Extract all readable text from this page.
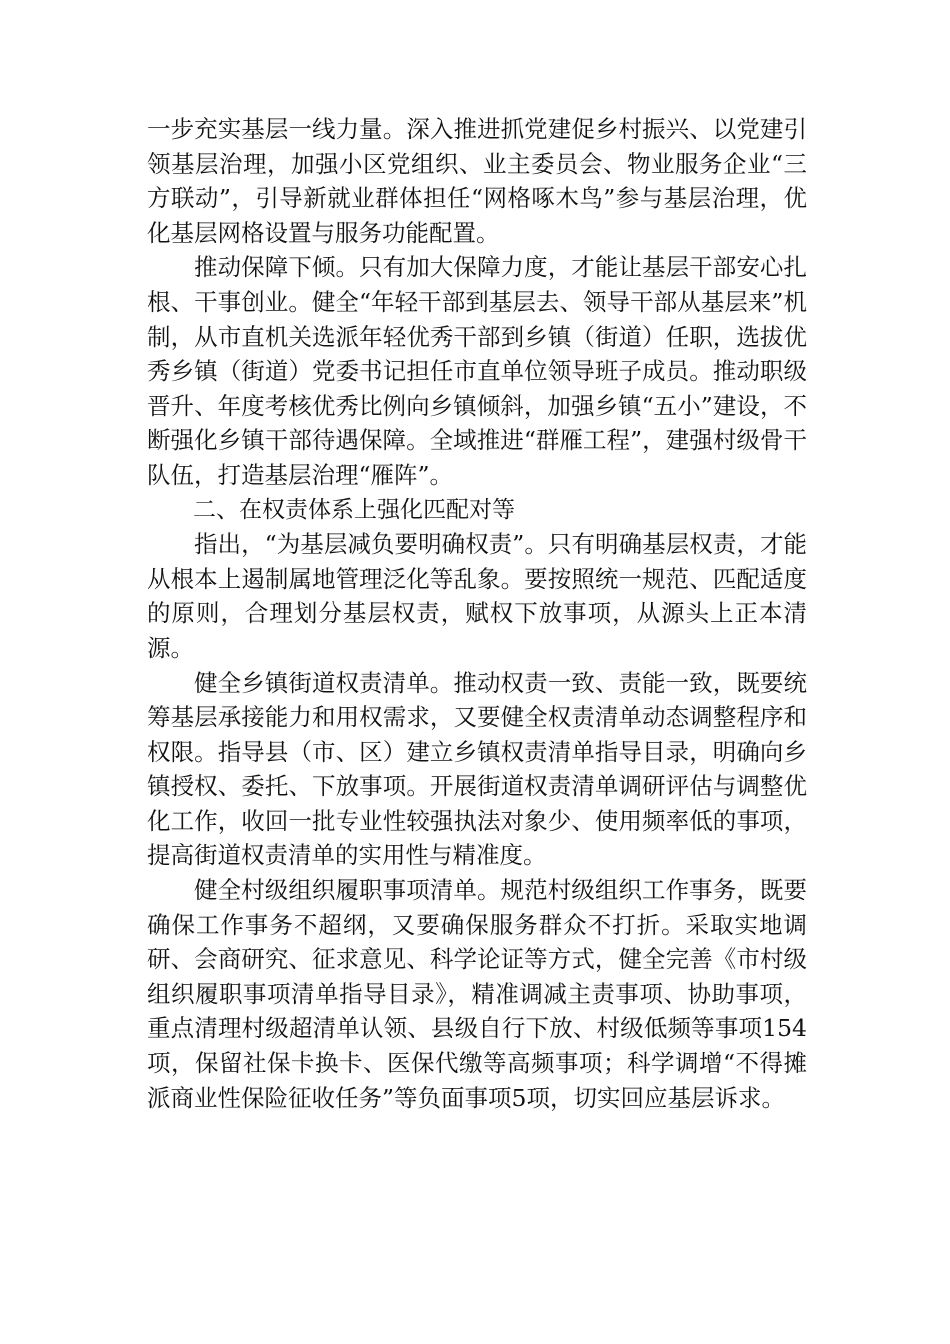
一步充实基层一线力量。深入推进抓党建促乡村振兴、以党建引领基层治理，加强小区党组织、业主委员会、物业服务企业“三方联动”，引导新就业群体担任“网格啄木鸟”参与基层治理，优化基层网格设置与服务功能配置。

推动保障下倾。只有加大保障力度，才能让基层干部安心扎根、干事创业。健全“年轻干部到基层去、领导干部从基层来”机制，从市直机关选派年轻优秀干部到乡镇（街道）任职，选拔优秀乡镇（街道）党委书记担任市直单位领导班子成员。推动职级晋升、年度考核优秀比例向乡镇倾斜，加强乡镇“五小”建设，不断强化乡镇干部待遇保障。全域推进“群雁工程”，建强村级骨干队伍，打造基层治理“雁阵”。

二、在权责体系上强化匹配对等

指出，“为基层减负要明确权责”。只有明确基层权责，才能从根本上遏制属地管理泛化等乱象。要按照统一规范、匹配适度的原则，合理划分基层权责，赋权下放事项，从源头上正本清源。

健全乡镇街道权责清单。推动权责一致、责能一致，既要统筹基层承接能力和用权需求，又要健全权责清单动态调整程序和权限。指导县（市、区）建立乡镇权责清单指导目录，明确向乡镇授权、委托、下放事项。开展街道权责清单调研评估与调整优化工作，收回一批专业性较强执法对象少、使用频率低的事项，提高街道权责清单的实用性与精准度。

健全村级组织履职事项清单。规范村级组织工作事务，既要确保工作事务不超纲，又要确保服务群众不打折。采取实地调研、会商研究、征求意见、科学论证等方式，健全完善《市村级组织履职事项清单指导目录》，精准调减主责事项、协助事项，重点清理村级超清单认领、县级自行下放、村级低频等事项154项，保留社保卡换卡、医保代缴等高频事项；科学调增“不得摊派商业性保险征收任务”等负面事项5项，切实回应基层诉求。
